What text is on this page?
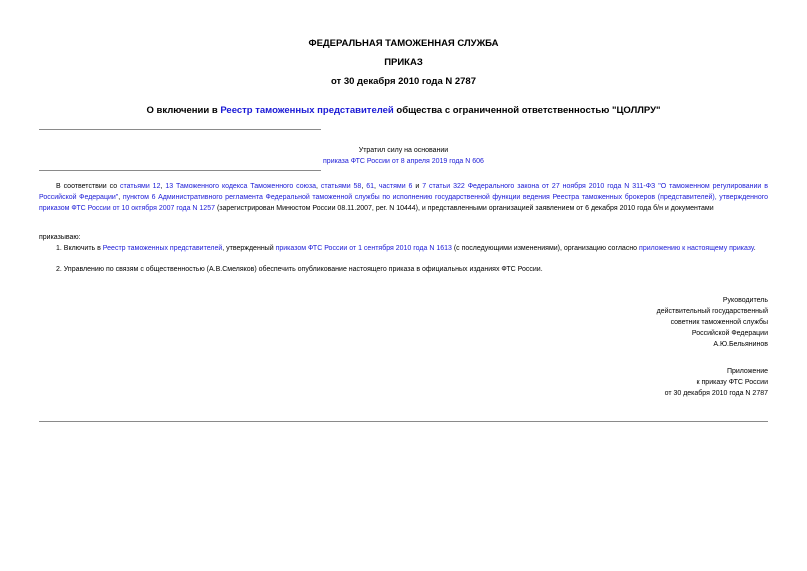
ФЕДЕРАЛЬНАЯ ТАМОЖЕННАЯ СЛУЖБА
ПРИКАЗ
от 30 декабря 2010 года N 2787
О включении в Реестр таможенных представителей общества с ограниченной ответственностью "ЦОЛЛРУ"
Утратил силу на основании
приказа ФТС России от 8 апреля 2019 года N 606
В соответствии со статьями 12, 13 Таможенного кодекса Таможенного союза, статьями 58, 61, частями 6 и 7 статьи 322 Федерального закона от 27 ноября 2010 года N 311-ФЗ "О таможенном регулировании в Российской Федерации", пунктом 6 Административного регламента Федеральной таможенной службы по исполнению государственной функции ведения Реестра таможенных брокеров (представителей), утвержденного приказом ФТС России от 10 октября 2007 года N 1257 (зарегистрирован Минюстом России 08.11.2007, рег. N 10444), и представленными организацией заявлением от 6 декабря 2010 года б/н и документами
приказываю:
1. Включить в Реестр таможенных представителей, утвержденный приказом ФТС России от 1 сентября 2010 года N 1613 (с последующими изменениями), организацию согласно приложению к настоящему приказу.
2. Управлению по связям с общественностью (А.В.Смеляков) обеспечить опубликование настоящего приказа в официальных изданиях ФТС России.
Руководитель
действительный государственный
советник таможенной службы
Российской Федерации
А.Ю.Бельянинов
Приложение
к приказу ФТС России
от 30 декабря 2010 года N 2787
